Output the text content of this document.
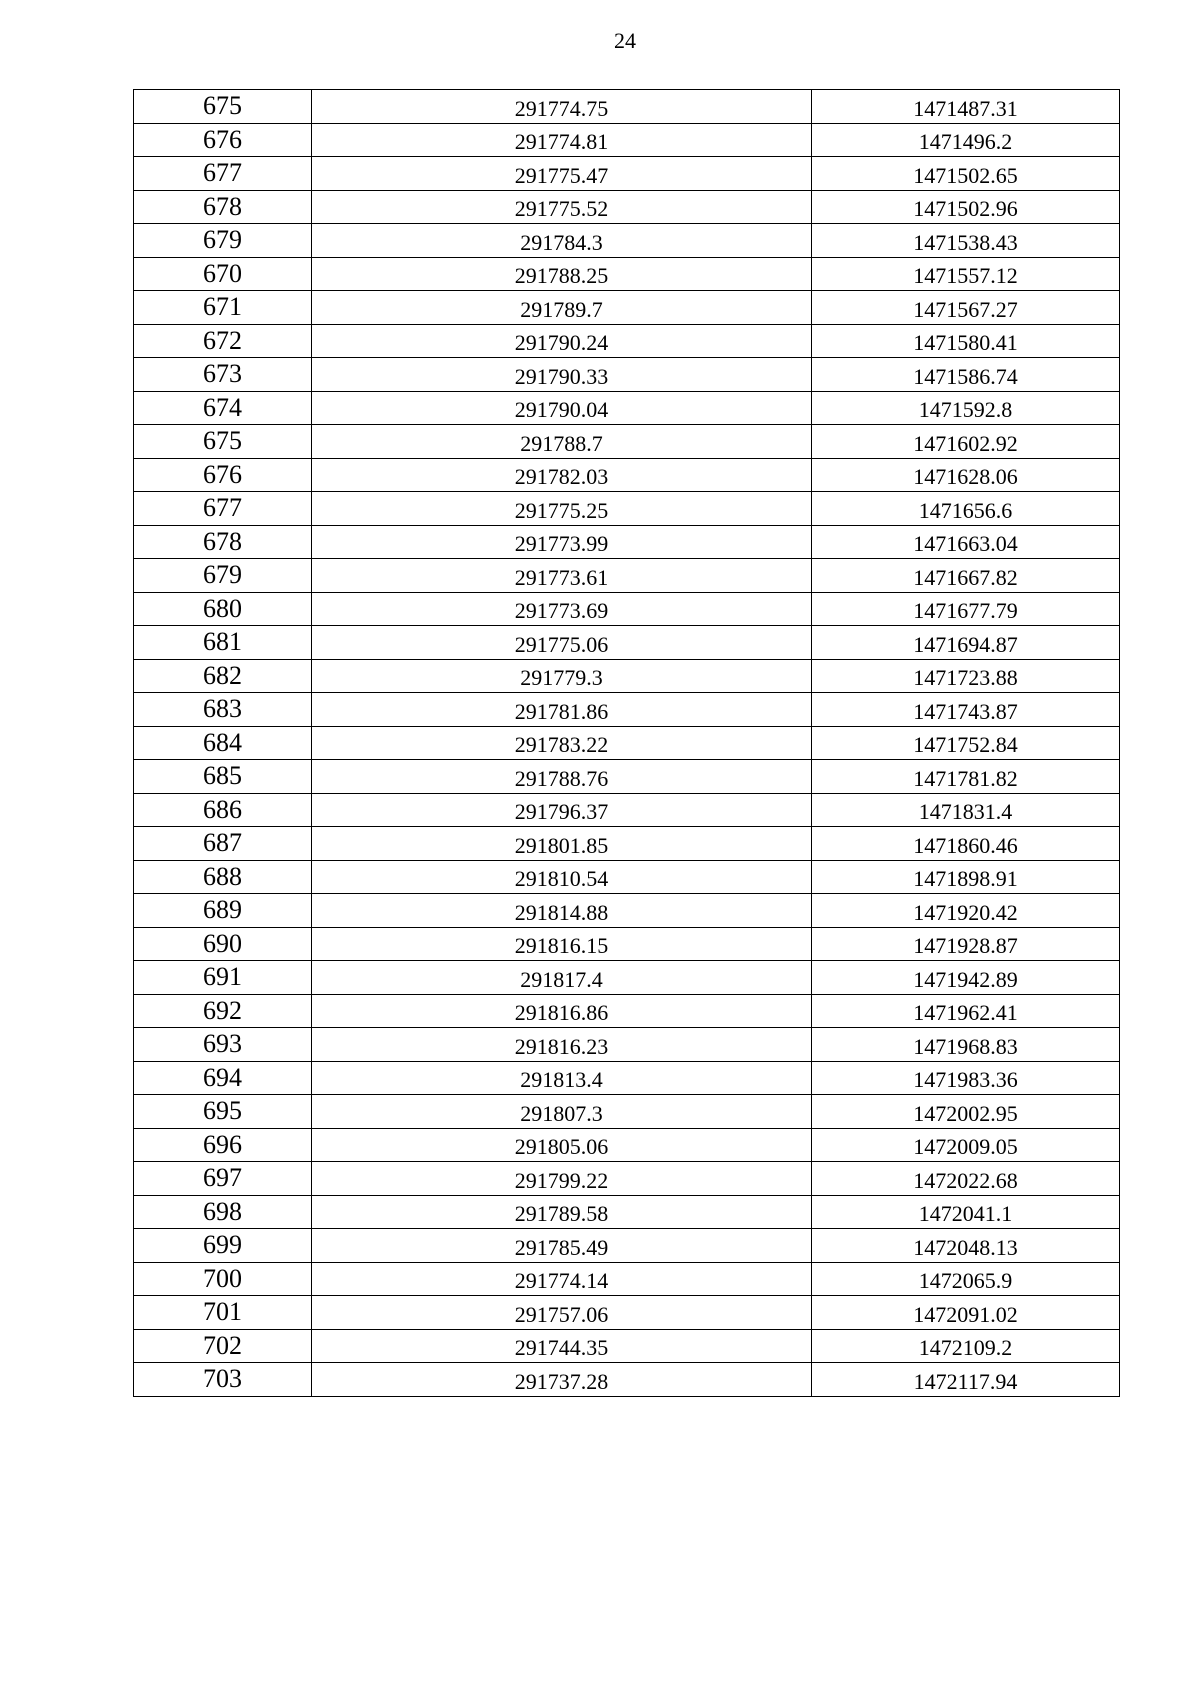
24
675	291774.75	1471487.31
676	291774.81	1471496.2
677	291775.47	1471502.65
678	291775.52	1471502.96
679	291784.3	1471538.43
670	291788.25	1471557.12
671	291789.7	1471567.27
672	291790.24	1471580.41
673	291790.33	1471586.74
674	291790.04	1471592.8
675	291788.7	1471602.92
676	291782.03	1471628.06
677	291775.25	1471656.6
678	291773.99	1471663.04
679	291773.61	1471667.82
680	291773.69	1471677.79
681	291775.06	1471694.87
682	291779.3	1471723.88
683	291781.86	1471743.87
684	291783.22	1471752.84
685	291788.76	1471781.82
686	291796.37	1471831.4
687	291801.85	1471860.46
688	291810.54	1471898.91
689	291814.88	1471920.42
690	291816.15	1471928.87
691	291817.4	1471942.89
692	291816.86	1471962.41
693	291816.23	1471968.83
694	291813.4	1471983.36
695	291807.3	1472002.95
696	291805.06	1472009.05
697	291799.22	1472022.68
698	291789.58	1472041.1
699	291785.49	1472048.13
700	291774.14	1472065.9
701	291757.06	1472091.02
702	291744.35	1472109.2
703	291737.28	1472117.94
